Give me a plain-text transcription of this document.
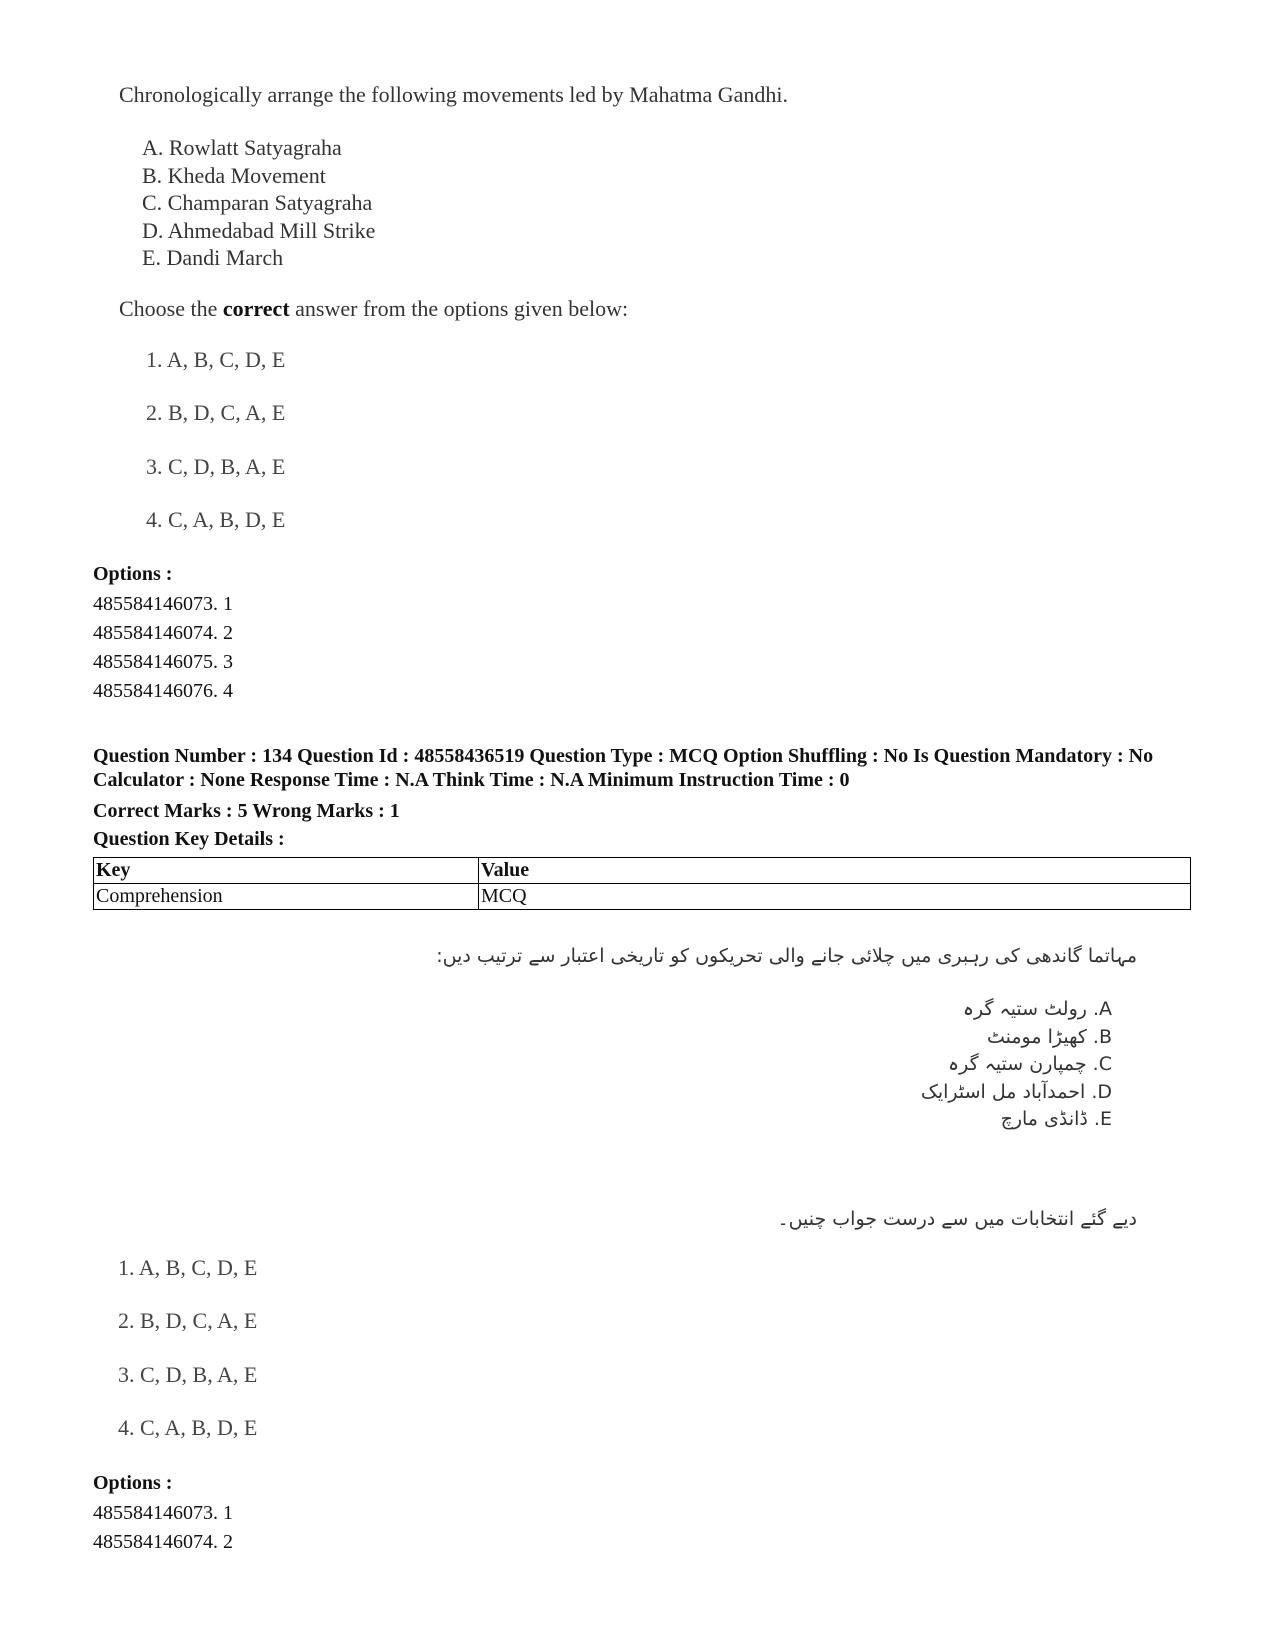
Chronologically arrange the following movements led by Mahatma Gandhi.
A. Rowlatt Satyagraha
B. Kheda Movement
C. Champaran Satyagraha
D. Ahmedabad Mill Strike
E. Dandi March
Choose the correct answer from the options given below:
1. A, B, C, D, E
2. B, D, C, A, E
3. C, D, B, A, E
4. C, A, B, D, E
Options :
485584146073. 1
485584146074. 2
485584146075. 3
485584146076. 4
Question Number : 134 Question Id : 48558436519 Question Type : MCQ Option Shuffling : No Is Question Mandatory : No Calculator : None Response Time : N.A Think Time : N.A Minimum Instruction Time : 0
Correct Marks : 5 Wrong Marks : 1
Question Key Details :
Key	Value
Comprehension	MCQ
مہاتما گاندھی کی رہبری میں چلائی جانے والی تحریکوں کو تاریخی اعتبار سے ترتیب دیں:
A. رولٹ ستیہ گرہ
B. کھیڑا مومنٹ
C. چمپارن ستیہ گرہ
D. احمدآباد مل اسٹرایک
E. ڈانڈی مارچ
دیے گئے انتخابات میں سے درست جواب چنیں۔
1. A, B, C, D, E
2. B, D, C, A, E
3. C, D, B, A, E
4. C, A, B, D, E
Options :
485584146073. 1
485584146074. 2
